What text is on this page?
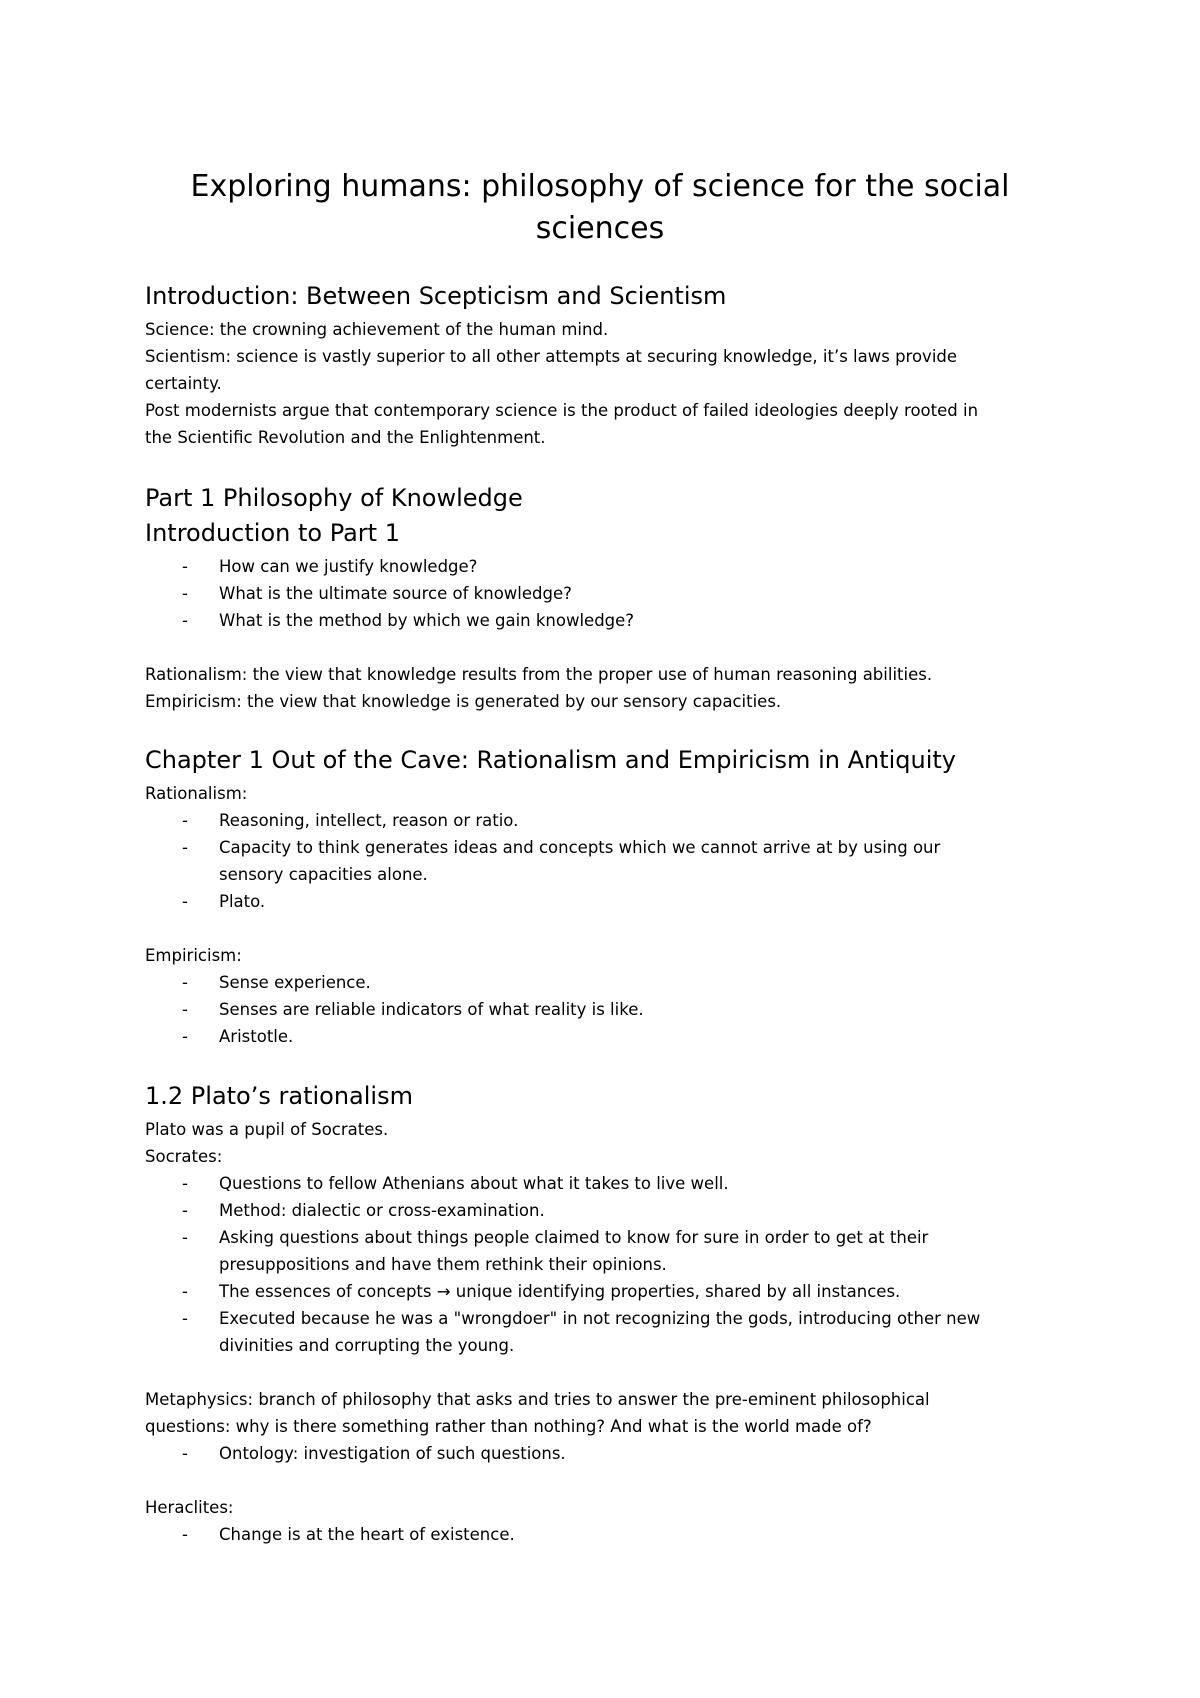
Exploring humans: philosophy of science for the social
sciences
Introduction: Between Scepticism and Scientism
Science: the crowning achievement of the human mind.
Scientism: science is vastly superior to all other attempts at securing knowledge, it’s laws provide
certainty.
Post modernists argue that contemporary science is the product of failed ideologies deeply rooted in
the Scientific Revolution and the Enlightenment.
Part 1 Philosophy of Knowledge
Introduction to Part 1
- How can we justify knowledge?
- What is the ultimate source of knowledge?
- What is the method by which we gain knowledge?
Rationalism: the view that knowledge results from the proper use of human reasoning abilities.
Empiricism: the view that knowledge is generated by our sensory capacities.
Chapter 1 Out of the Cave: Rationalism and Empiricism in Antiquity
Rationalism:
- Reasoning, intellect, reason or ratio.
- Capacity to think generates ideas and concepts which we cannot arrive at by using our
sensory capacities alone.
- Plato.
Empiricism:
- Sense experience.
- Senses are reliable indicators of what reality is like.
- Aristotle.
1.2 Plato’s rationalism
Plato was a pupil of Socrates.
Socrates:
- Questions to fellow Athenians about what it takes to live well.
- Method: dialectic or cross-examination.
- Asking questions about things people claimed to know for sure in order to get at their
presuppositions and have them rethink their opinions.
- The essences of concepts → unique identifying properties, shared by all instances.
- Executed because he was a "wrongdoer" in not recognizing the gods, introducing other new
divinities and corrupting the young.
Metaphysics: branch of philosophy that asks and tries to answer the pre-eminent philosophical
questions: why is there something rather than nothing? And what is the world made of?
- Ontology: investigation of such questions.
Heraclites:
- Change is at the heart of existence.
